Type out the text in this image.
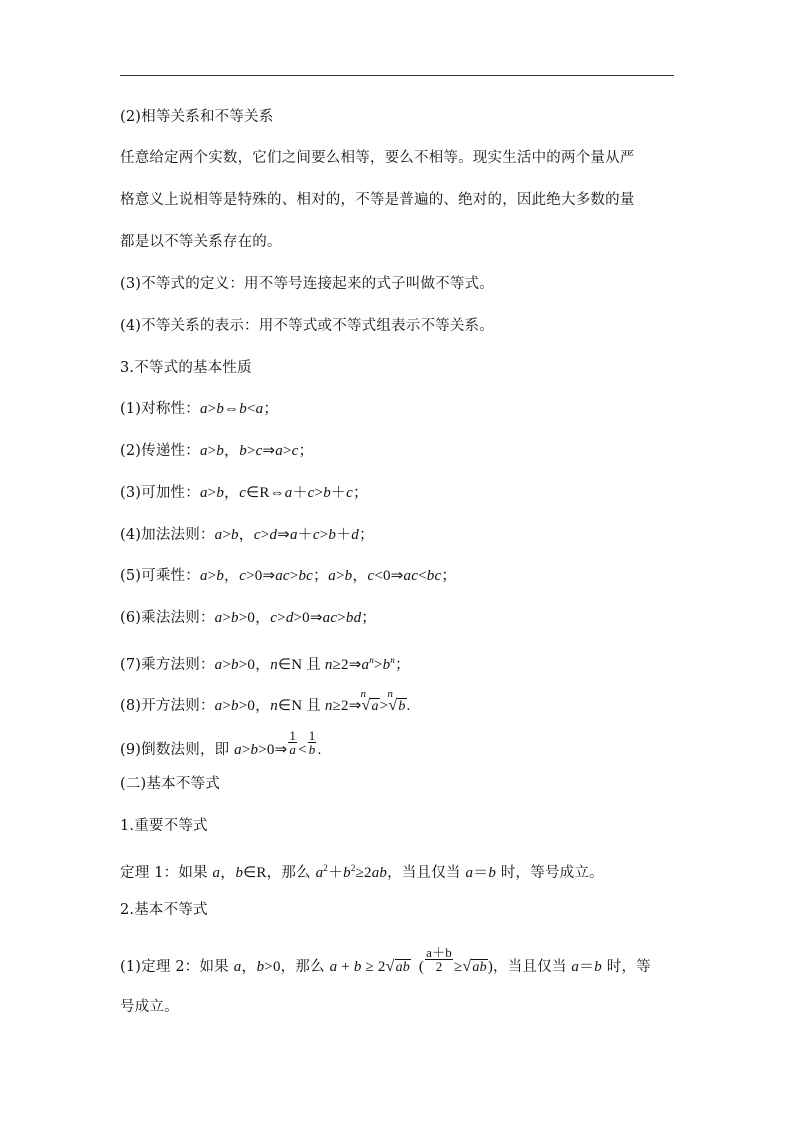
(2)相等关系和不等关系
任意给定两个实数，它们之间要么相等，要么不相等。现实生活中的两个量从严
格意义上说相等是特殊的、相对的，不等是普遍的、绝对的，因此绝大多数的量
都是以不等关系存在的。
(3)不等式的定义：用不等号连接起来的式子叫做不等式。
(4)不等关系的表示：用不等式或不等式组表示不等关系。
3.不等式的基本性质
(1)对称性：a>b⇔b<a；
(2)传递性：a>b，b>c⇒a>c；
(3)可加性：a>b，c∈R⇔a＋c>b＋c；
(4)加法法则：a>b，c>d⇒a＋c>b＋d；
(5)可乘性：a>b，c>0⇒ac>bc；a>b，c<0⇒ac<bc；
(6)乘法法则：a>b>0，c>d>0⇒ac>bd；
(7)乘方法则：a>b>0，n∈N 且 $n\ge 2\Rightarrow a^n>b^n$；
(8)开方法则：a>b>0，n∈N 且 n≥2⇒
n
√a>
n
√b.
(9)倒数法则，即 a>b>0⇒ $\frac{1}{a} < \frac{1}{b}$ .
(二)基本不等式
1.重要不等式
定理 1：如果 a，b∈R，那么 $a^2+b^2\ge 2ab$，当且仅当 a＝b 时，等号成立。
2.基本不等式
(1)定理 2：如果 a，b>0，那么 a + b ≥ 2√ab  ( $\frac{a+b}{2} \ge√ab$)，当且仅当 a＝b 时，等
号成立。
